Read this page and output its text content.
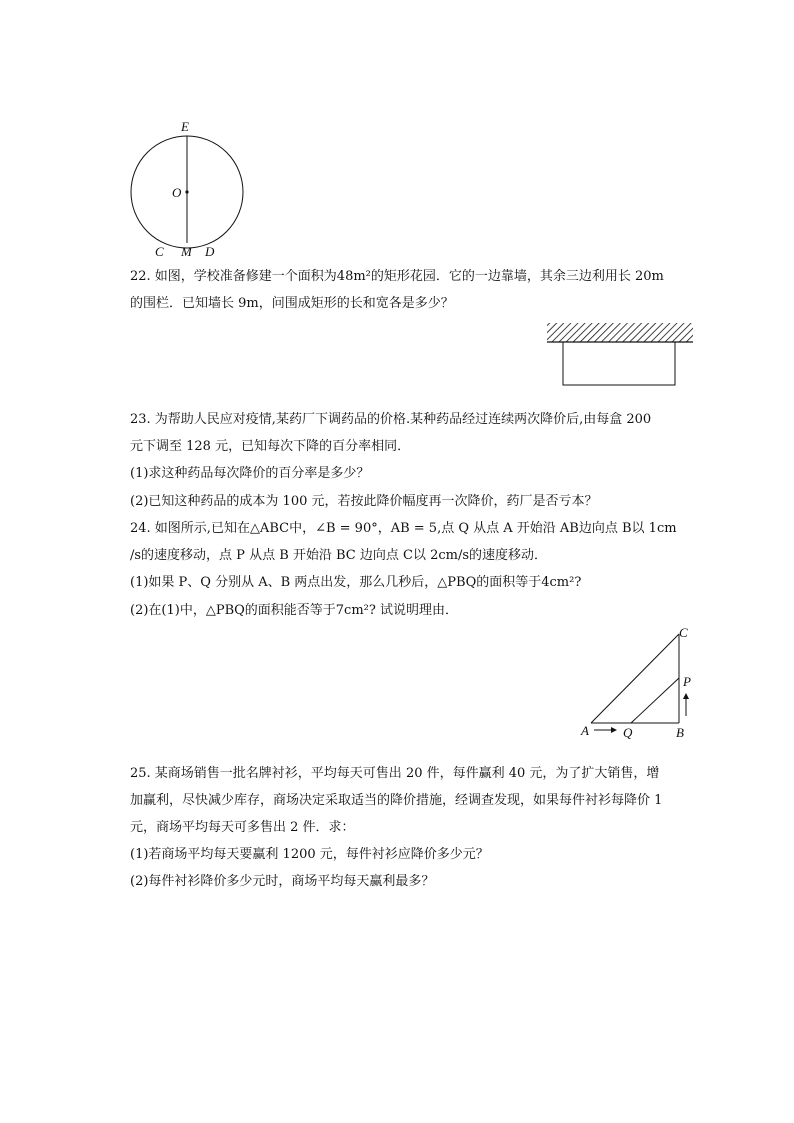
E
O
C M D
22. 如图，学校准备修建一个面积为48m²的矩形花园．它的一边靠墙，其余三边利用长 20m
的围栏．已知墙长 9m，问围成矩形的长和宽各是多少？
23. 为帮助人民应对疫情,某药厂下调药品的价格.某种药品经过连续两次降价后,由每盒 200
元下调至 128 元，已知每次下降的百分率相同．
(1)求这种药品每次降价的百分率是多少？
(2)已知这种药品的成本为 100 元，若按此降价幅度再一次降价，药厂是否亏本？
24. 如图所示,已知在△ABC中，∠B = 90°，AB = 5,点 Q 从点 A 开始沿 AB边向点 B以 1cm
/s的速度移动，点 P 从点 B 开始沿 BC 边向点 C以 2cm/s的速度移动．
(1)如果 P、Q 分别从 A、B 两点出发，那么几秒后，△PBQ的面积等于4cm²?
(2)在(1)中，△PBQ的面积能否等于7cm²? 试说明理由．
A	Q	B
C
P
25. 某商场销售一批名牌衬衫，平均每天可售出 20 件，每件赢利 40 元，为了扩大销售，增
加赢利，尽快减少库存，商场决定采取适当的降价措施，经调查发现，如果每件衬衫每降价 1
元，商场平均每天可多售出 2 件．求：
(1)若商场平均每天要赢利 1200 元，每件衬衫应降价多少元？
(2)每件衬衫降价多少元时，商场平均每天赢利最多？
